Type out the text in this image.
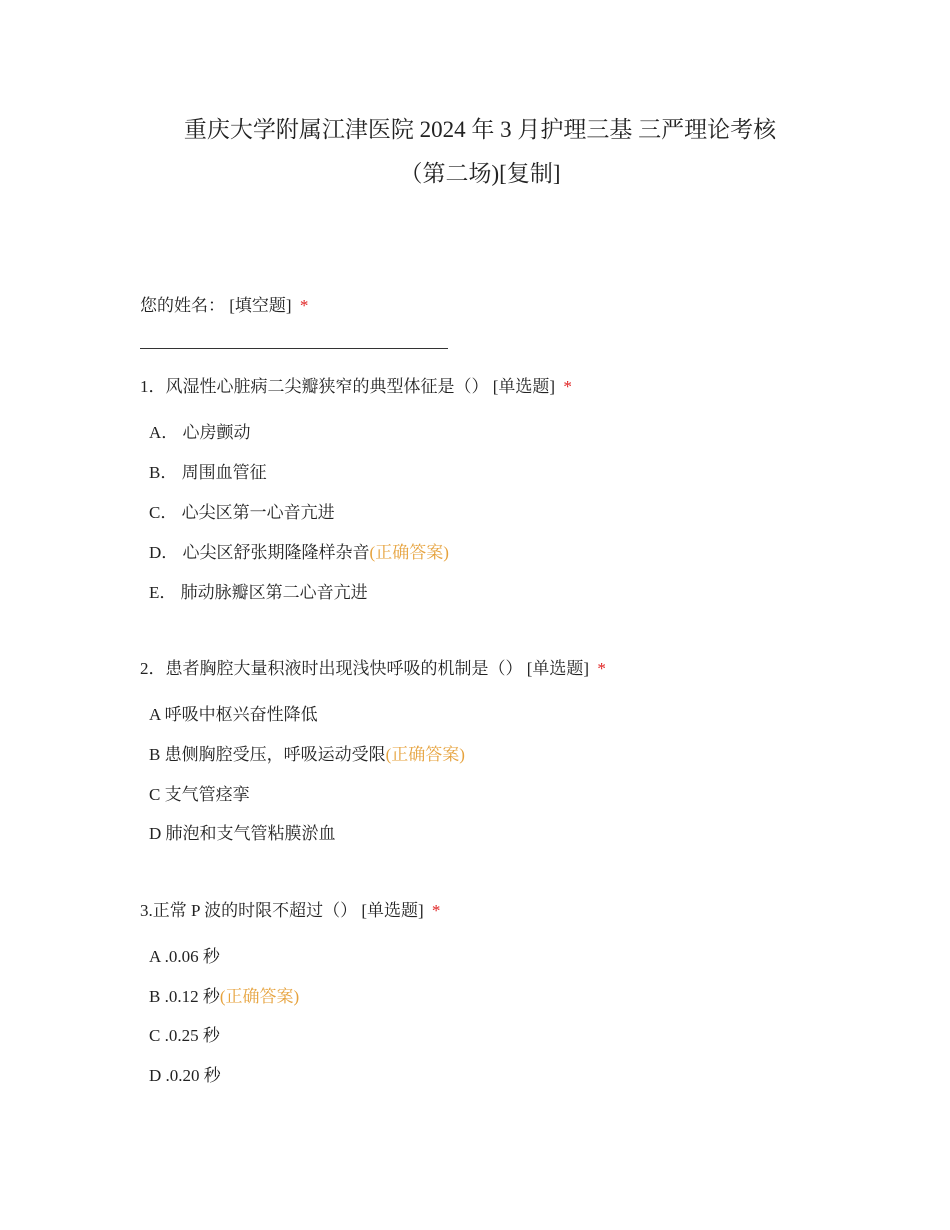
重庆大学附属江津医院 2024 年 3 月护理三基 三严理论考核
（第二场)[复制]
您的姓名： [填空题] *
1．风湿性心脏病二尖瓣狭窄的典型体征是（） [单选题] *
A． 心房颤动
B． 周围血管征
C． 心尖区第一心音亢进
D． 心尖区舒张期隆隆样杂音(正确答案)
E． 肺动脉瓣区第二心音亢进
2．患者胸腔大量积液时出现浅快呼吸的机制是（） [单选题] *
A 呼吸中枢兴奋性降低
B 患侧胸腔受压，呼吸运动受限(正确答案)
C 支气管痉挛
D 肺泡和支气管粘膜淤血
3.正常 P 波的时限不超过（） [单选题] *
A .0.06 秒
B .0.12 秒(正确答案)
C .0.25 秒
D .0.20 秒
